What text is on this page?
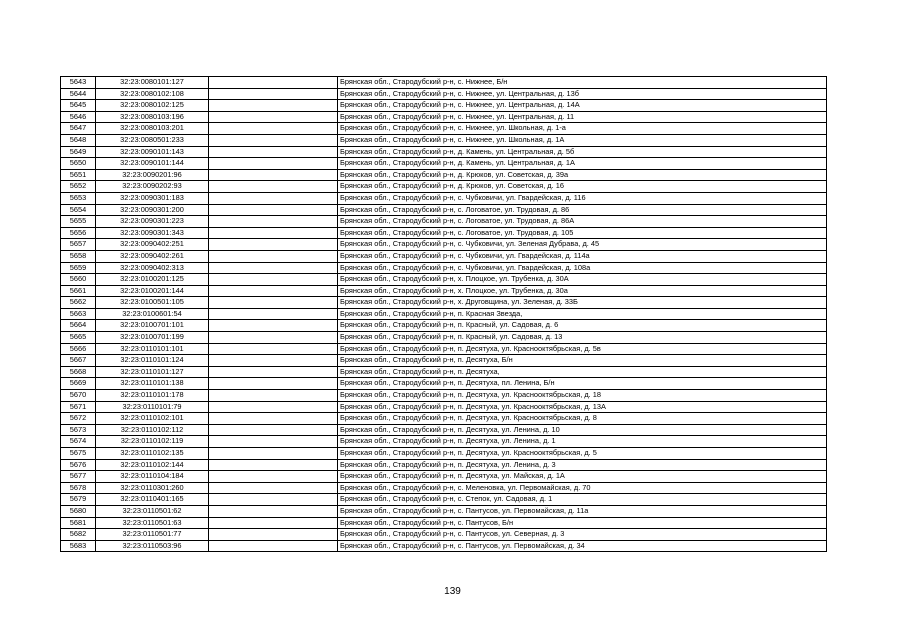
5643	32:23:0080101:127		Брянская обл., Стародубский р-н, с. Нижнее, Б/н
5644	32:23:0080102:108		Брянская обл., Стародубский р-н, с. Нижнее, ул. Центральная, д. 13б
5645	32:23:0080102:125		Брянская обл., Стародубский р-н, с. Нижнее, ул. Центральная, д. 14А
5646	32:23:0080103:196		Брянская обл., Стародубский р-н, с. Нижнее, ул. Центральная, д. 11
5647	32:23:0080103:201		Брянская обл., Стародубский р-н, с. Нижнее, ул. Школьная, д. 1-а
5648	32:23:0080501:233		Брянская обл., Стародубский р-н, с. Нижнее, ул. Школьная, д. 1А
5649	32:23:0090101:143		Брянская обл., Стародубский р-н, д. Камень, ул. Центральная, д. 5б
5650	32:23:0090101:144		Брянская обл., Стародубский р-н, д. Камень, ул. Центральная, д. 1А
5651	32:23:0090201:96		Брянская обл., Стародубский р-н, д. Крюков, ул. Советская, д. 39а
5652	32:23:0090202:93		Брянская обл., Стародубский р-н, д. Крюков, ул. Советская, д. 16
5653	32:23:0090301:183		Брянская обл., Стародубский р-н, с. Чубковичи, ул. Гвардейская, д. 116
5654	32:23:0090301:200		Брянская обл., Стародубский р-н, с. Логоватое, ул. Трудовая, д. 86
5655	32:23:0090301:223		Брянская обл., Стародубский р-н, с. Логоватое, ул. Трудовая, д. 86А
5656	32:23:0090301:343		Брянская обл., Стародубский р-н, с. Логоватое, ул. Трудовая, д. 105
5657	32:23:0090402:251		Брянская обл., Стародубский р-н, с. Чубковичи, ул. Зеленая Дубрава, д. 45
5658	32:23:0090402:261		Брянская обл., Стародубский р-н, с. Чубковичи, ул. Гвардейская, д. 114а
5659	32:23:0090402:313		Брянская обл., Стародубский р-н, с. Чубковичи, ул. Гвардейская, д. 108а
5660	32:23:0100201:125		Брянская обл., Стародубский р-н, х. Плоцкое, ул. Трубенка, д. 30А
5661	32:23:0100201:144		Брянская обл., Стародубский р-н, х. Плоцкое, ул. Трубенка, д. 30а
5662	32:23:0100501:105		Брянская обл., Стародубский р-н, х. Друговщина, ул. Зеленая, д. 33Б
5663	32:23:0100601:54		Брянская обл., Стародубский р-н, п. Красная Звезда,
5664	32:23:0100701:101		Брянская обл., Стародубский р-н, п. Красный, ул. Садовая, д. 6
5665	32:23:0100701:199		Брянская обл., Стародубский р-н, п. Красный, ул. Садовая, д. 13
5666	32:23:0110101:101		Брянская обл., Стародубский р-н, п. Десятуха, ул. Краснооктябрьская, д. 5в
5667	32:23:0110101:124		Брянская обл., Стародубский р-н, п. Десятуха, Б/н
5668	32:23:0110101:127		Брянская обл., Стародубский р-н, п. Десятуха,
5669	32:23:0110101:138		Брянская обл., Стародубский р-н, п. Десятуха, пл. Ленина, Б/н
5670	32:23:0110101:178		Брянская обл., Стародубский р-н, п. Десятуха, ул. Краснооктябрьская, д. 18
5671	32:23:0110101:79		Брянская обл., Стародубский р-н, п. Десятуха, ул. Краснооктябрьская, д. 13А
5672	32:23:0110102:101		Брянская обл., Стародубский р-н, п. Десятуха, ул. Краснооктябрьская, д. 8
5673	32:23:0110102:112		Брянская обл., Стародубский р-н, п. Десятуха, ул. Ленина, д. 10
5674	32:23:0110102:119		Брянская обл., Стародубский р-н, п. Десятуха, ул. Ленина, д. 1
5675	32:23:0110102:135		Брянская обл., Стародубский р-н, п. Десятуха, ул. Краснооктябрьская, д. 5
5676	32:23:0110102:144		Брянская обл., Стародубский р-н, п. Десятуха, ул. Ленина, д. 3
5677	32:23:0110104:184		Брянская обл., Стародубский р-н, п. Десятуха, ул. Майская, д. 1А
5678	32:23:0110301:260		Брянская обл., Стародубский р-н, с. Меленовка, ул. Первомайская, д. 70
5679	32:23:0110401:165		Брянская обл., Стародубский р-н, с. Степок, ул. Садовая, д. 1
5680	32:23:0110501:62		Брянская обл., Стародубский р-н, с. Пантусов, ул. Первомайская, д. 11а
5681	32:23:0110501:63		Брянская обл., Стародубский р-н, с. Пантусов, Б/н
5682	32:23:0110501:77		Брянская обл., Стародубский р-н, с. Пантусов, ул. Северная, д. 3
5683	32:23:0110503:96		Брянская обл., Стародубский р-н, с. Пантусов, ул. Первомайская, д. 34
139
